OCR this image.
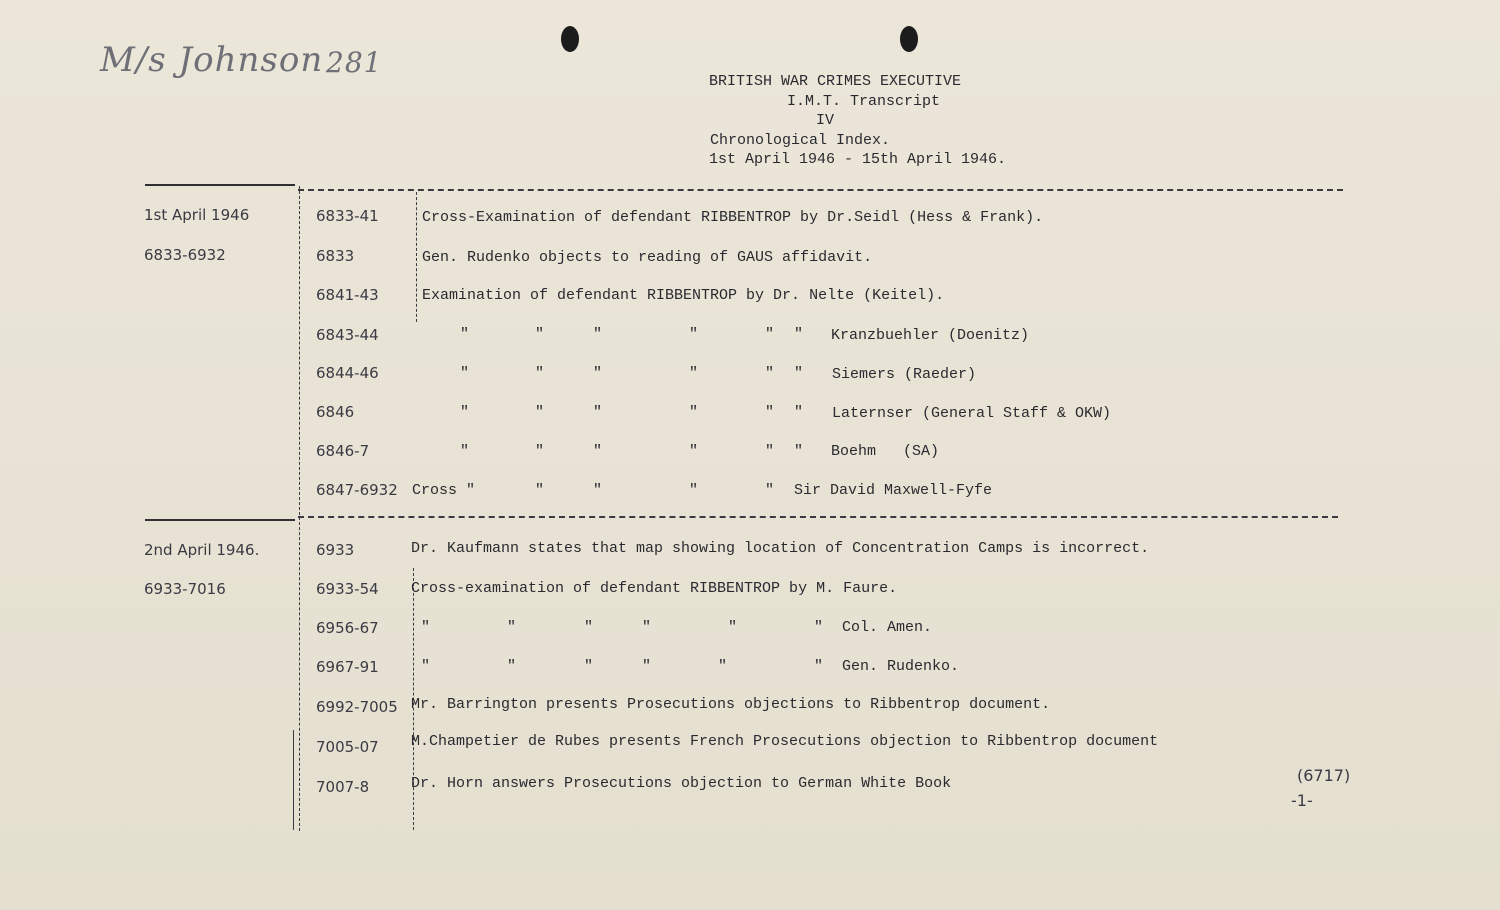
M/s Johnson 281
BRITISH WAR CRIMES EXECUTIVE
I.M.T. Transcript
IV
Chronological Index.
1st April 1946 - 15th April 1946.
1st April 1946
6833-6932
6833-41	Cross-Examination of defendant RIBBENTROP by Dr.Seidl (Hess & Frank).
6833	Gen. Rudenko objects to reading of GAUS affidavit.
6841-43	Examination of defendant RIBBENTROP by Dr. Nelte (Keitel).
6843-44	"	"	"	"	" " Kranzbuehler (Doenitz)
6844-46	"	"	"	"	" " Siemers (Raeder)
6846	"	"	"	"	" " Laternser (General Staff & OKW)
6846-7	"	"	"	"	" " Boehm   (SA)
6847-6932 Cross "	"	"	"	" Sir David Maxwell-Fyfe
2nd April 1946.
6933-7016
6933	Dr. Kaufmann states that map showing location of Concentration Camps is incorrect.
6933-54 Cross-examination of defendant RIBBENTROP by M. Faure.
6956-67	"	"	"	"	"	" Col. Amen.
6967-91	"	"	"	"	"	" Gen. Rudenko.
6992-7005 Mr. Barrington presents Prosecutions objections to Ribbentrop document.
7005-07 M.Champetier de Rubes presents French Prosecutions objection to Ribbentrop document
7007-8	Dr. Horn answers Prosecutions objection to German White Book	(6717)
-1-
